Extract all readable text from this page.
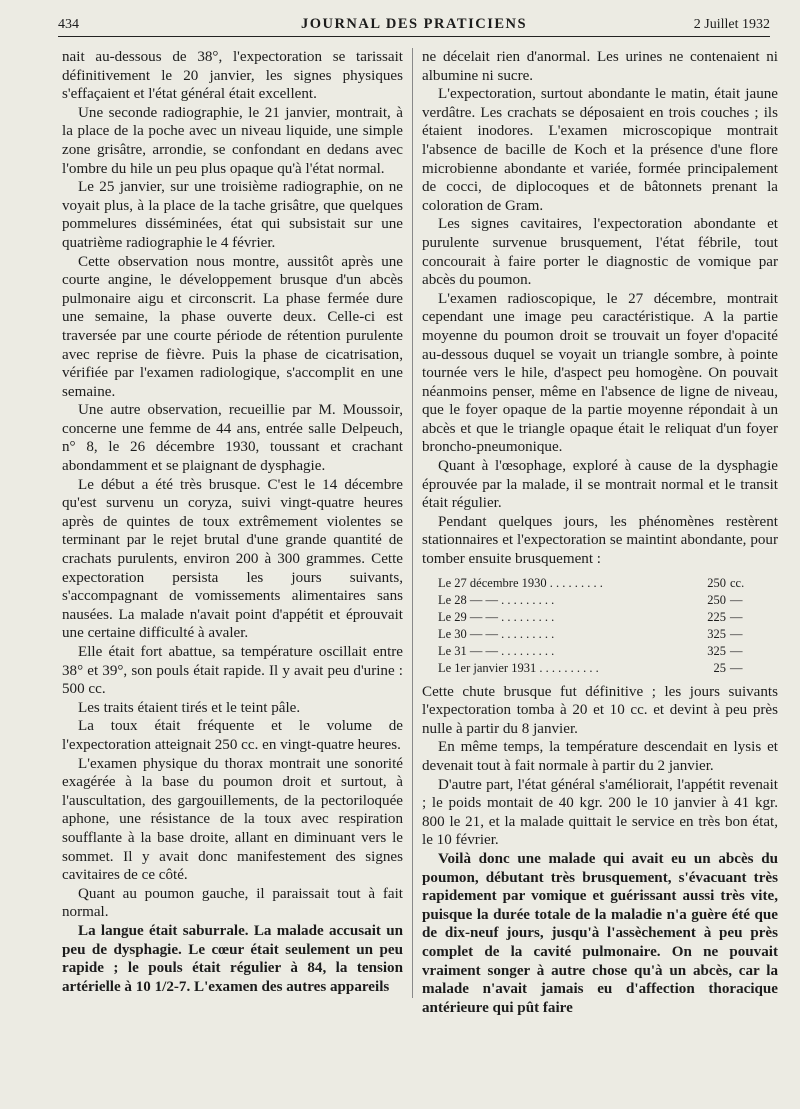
434	JOURNAL DES PRATICIENS	2 Juillet 1932

nait au-dessous de 38°, l'expectoration se tarissait définitivement le 20 janvier, les signes physiques s'effaçaient et l'état général était excellent.

Une seconde radiographie, le 21 janvier, montrait, à la place de la poche avec un niveau liquide, une simple zone grisâtre, arrondie, se confondant en dedans avec l'ombre du hile un peu plus opaque qu'à l'état normal.

Le 25 janvier, sur une troisième radiographie, on ne voyait plus, à la place de la tache grisâtre, que quelques pommelures disséminées, état qui subsistait sur une quatrième radiographie le 4 février.

Cette observation nous montre, aussitôt après une courte angine, le développement brusque d'un abcès pulmonaire aigu et circonscrit. La phase fermée dure une semaine, la phase ouverte deux. Celle-ci est traversée par une courte période de rétention purulente avec reprise de fièvre. Puis la phase de cicatrisation, vérifiée par l'examen radiologique, s'accomplit en une semaine.

Une autre observation, recueillie par M. Moussoir, concerne une femme de 44 ans, entrée salle Delpeuch, n° 8, le 26 décembre 1930, toussant et crachant abondamment et se plaignant de dysphagie.

Le début a été très brusque. C'est le 14 décembre qu'est survenu un coryza, suivi vingt-quatre heures après de quintes de toux extrêmement violentes se terminant par le rejet brutal d'une grande quantité de crachats purulents, environ 200 à 300 grammes. Cette expectoration persista les jours suivants, s'accompagnant de vomissements alimentaires sans nausées. La malade n'avait point d'appétit et éprouvait une certaine difficulté à avaler.

Elle était fort abattue, sa température oscillait entre 38° et 39°, son pouls était rapide. Il y avait peu d'urine : 500 cc.

Les traits étaient tirés et le teint pâle.

La toux était fréquente et le volume de l'expectoration atteignait 250 cc. en vingt-quatre heures.

L'examen physique du thorax montrait une sonorité exagérée à la base du poumon droit et surtout, à l'auscultation, des gargouillements, de la pectoriloquée aphone, une résistance de la toux avec respiration soufflante à la base droite, allant en diminuant vers le sommet. Il y avait donc manifestement des signes cavitaires de ce côté.

Quant au poumon gauche, il paraissait tout à fait normal.

La langue était saburrale. La malade accusait un peu de dysphagie. Le cœur était seulement un peu rapide ; le pouls était régulier à 84, la tension artérielle à 10 1/2-7. L'examen des autres appareils

ne décelait rien d'anormal. Les urines ne contenaient ni albumine ni sucre.

L'expectoration, surtout abondante le matin, était jaune verdâtre. Les crachats se déposaient en trois couches ; ils étaient inodores. L'examen microscopique montrait l'absence de bacille de Koch et la présence d'une flore microbienne abondante et variée, formée principalement de cocci, de diplocoques et de bâtonnets prenant la coloration de Gram.

Les signes cavitaires, l'expectoration abondante et purulente survenue brusquement, l'état fébrile, tout concourait à faire porter le diagnostic de vomique par abcès du poumon.

L'examen radioscopique, le 27 décembre, montrait cependant une image peu caractéristique. A la partie moyenne du poumon droit se trouvait un foyer d'opacité au-dessous duquel se voyait un triangle sombre, à pointe tournée vers le hile, d'aspect peu homogène. On pouvait néanmoins penser, même en l'absence de ligne de niveau, que le foyer opaque de la partie moyenne répondait à un abcès et que le triangle opaque était le reliquat d'un foyer broncho-pneumonique.

Quant à l'œsophage, exploré à cause de la dysphagie éprouvée par la malade, il se montrait normal et le transit était régulier.

Pendant quelques jours, les phénomènes restèrent stationnaires et l'expectoration se maintint abondante, pour tomber ensuite brusquement :

Le 27 décembre 1930 . . . . . . . . .	250	cc.
Le 28 — — . . . . . . . . .	250	—
Le 29 — — . . . . . . . . .	225	—
Le 30 — — . . . . . . . . .	325	—
Le 31 — — . . . . . . . . .	325	—
Le 1er janvier 1931 . . . . . . . . . .	25	—

Cette chute brusque fut définitive ; les jours suivants l'expectoration tomba à 20 et 10 cc. et devint à peu près nulle à partir du 8 janvier.

En même temps, la température descendait en lysis et devenait tout à fait normale à partir du 2 janvier.

D'autre part, l'état général s'améliorait, l'appétit revenait ; le poids montait de 40 kgr. 200 le 10 janvier à 41 kgr. 800 le 21, et la malade quittait le service en très bon état, le 10 février.

Voilà donc une malade qui avait eu un abcès du poumon, débutant très brusquement, s'évacuant très rapidement par vomique et guérissant aussi très vite, puisque la durée totale de la maladie n'a guère été que de dix-neuf jours, jusqu'à l'assèchement à peu près complet de la cavité pulmonaire. On ne pouvait vraiment songer à autre chose qu'à un abcès, car la malade n'avait jamais eu d'affection thoracique antérieure qui pût faire
